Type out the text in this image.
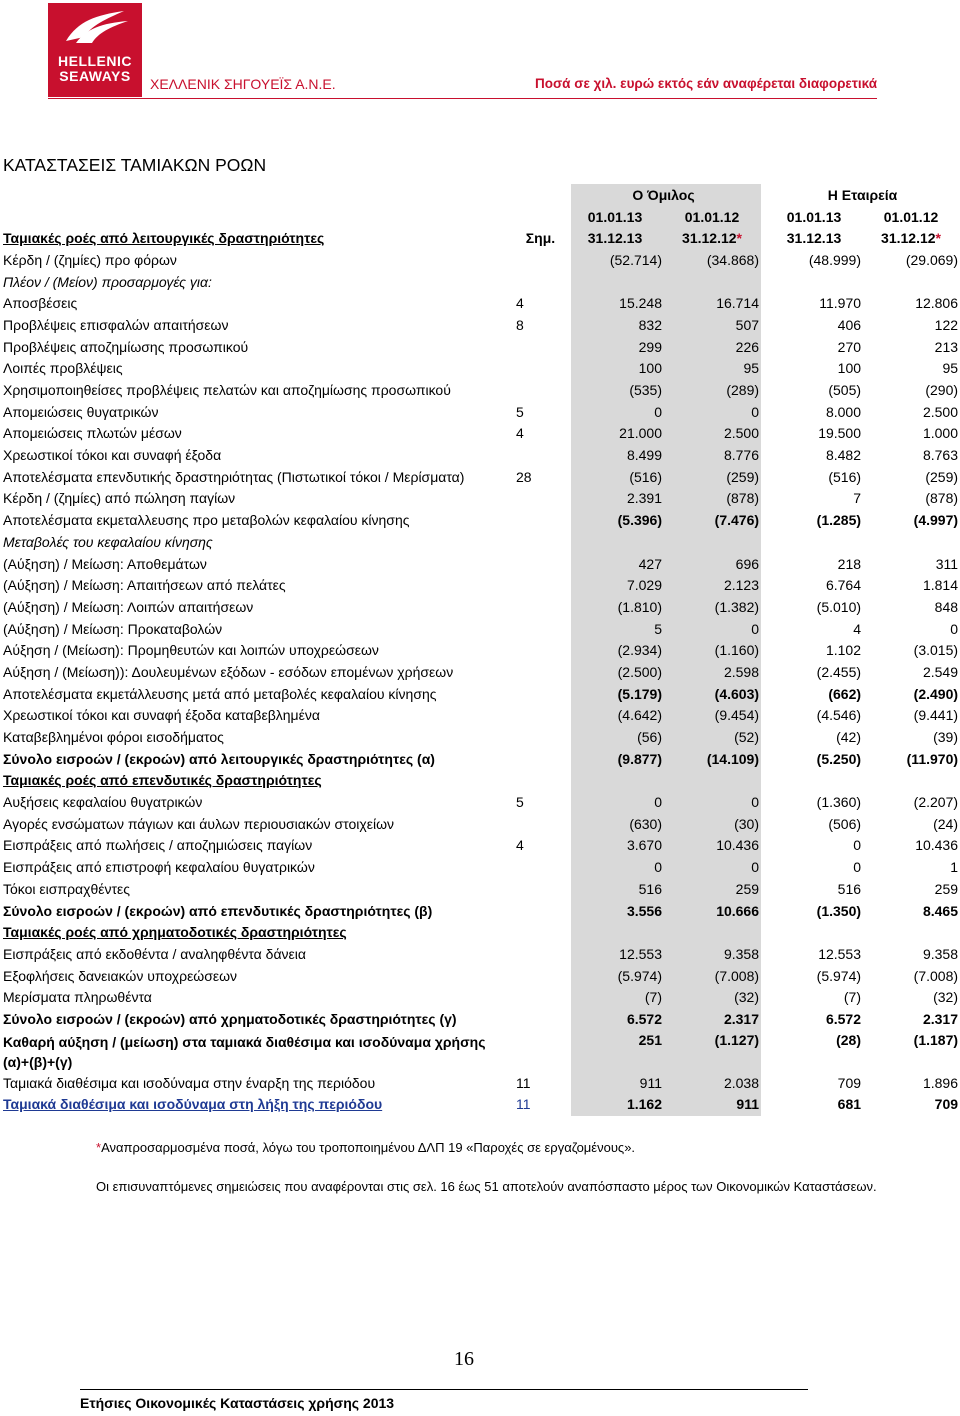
HELLENIC
SEAWAYS	ΧΕΛΛΕΝΙΚ ΣΗΓΟΥΕΪΣ Α.Ν.Ε.	Ποσά σε χιλ. ευρώ εκτός εάν αναφέρεται διαφορετικά
ΚΑΤΑΣΤΑΣΕΙΣ ΤΑΜΙΑΚΩΝ ΡΟΩΝ
		Ο Όμιλος			Η Εταιρεία	
		01.01.13	01.01.12		01.01.13	01.01.12
Ταμιακές ροές από λειτουργικές δραστηριότητες	Σημ.	31.12.13	31.12.12*		31.12.13	31.12.12*
Κέρδη / (ζημίες) προ φόρων		(52.714)	(34.868)		(48.999)	(29.069)
Πλέον / (Μείον) προσαρμογές για:						
Αποσβέσεις	4	15.248	16.714		11.970	12.806
Προβλέψεις επισφαλών απαιτήσεων	8	832	507		406	122
Προβλέψεις αποζημίωσης προσωπικού		299	226		270	213
Λοιπές προβλέψεις		100	95		100	95
Χρησιμοποιηθείσες προβλέψεις πελατών και αποζημίωσης προσωπικού		(535)	(289)		(505)	(290)
Απομειώσεις θυγατρικών	5	0	0		8.000	2.500
Απομειώσεις πλωτών μέσων	4	21.000	2.500		19.500	1.000
Χρεωστικοί τόκοι και συναφή έξοδα		8.499	8.776		8.482	8.763
Αποτελέσματα επενδυτικής δραστηριότητας (Πιστωτικοί τόκοι / Μερίσματα)	28	(516)	(259)		(516)	(259)
Κέρδη / (ζημίες) από πώληση παγίων		2.391	(878)		7	(878)
Αποτελέσματα εκμεταλλευσης προ μεταβολών κεφαλαίου κίνησης		(5.396)	(7.476)		(1.285)	(4.997)
Μεταβολές του κεφαλαίου κίνησης						
(Αύξηση) / Μείωση: Αποθεμάτων		427	696		218	311
(Αύξηση) / Μείωση: Απαιτήσεων από πελάτες		7.029	2.123		6.764	1.814
(Αύξηση) / Μείωση: Λοιπών απαιτήσεων		(1.810)	(1.382)		(5.010)	848
(Αύξηση) / Μείωση: Προκαταβολών		5	0		4	0
Αύξηση / (Μείωση): Προμηθευτών και λοιπών υποχρεώσεων		(2.934)	(1.160)		1.102	(3.015)
Αύξηση / (Μείωση)): Δουλευμένων εξόδων - εσόδων επομένων χρήσεων		(2.500)	2.598		(2.455)	2.549
Αποτελέσματα εκμετάλλευσης μετά από μεταβολές κεφαλαίου κίνησης		(5.179)	(4.603)		(662)	(2.490)
Χρεωστικοί τόκοι και συναφή έξοδα καταβεβλημένα		(4.642)	(9.454)		(4.546)	(9.441)
Καταβεβλημένοι φόροι εισοδήματος		(56)	(52)		(42)	(39)
Σύνολο εισροών / (εκροών) από λειτουργικές δραστηριότητες (α)		(9.877)	(14.109)		(5.250)	(11.970)
Ταμιακές ροές από επενδυτικές δραστηριότητες						
Αυξήσεις κεφαλαίου θυγατρικών	5	0	0		(1.360)	(2.207)
Αγορές ενσώματων πάγιων και άυλων περιουσιακών στοιχείων		(630)	(30)		(506)	(24)
Εισπράξεις από πωλήσεις / αποζημιώσεις παγίων	4	3.670	10.436		0	10.436
Εισπράξεις από επιστροφή κεφαλαίου θυγατρικών		0	0		0	1
Τόκοι εισπραχθέντες		516	259		516	259
Σύνολο εισροών / (εκροών) από επενδυτικές δραστηριότητες (β)		3.556	10.666		(1.350)	8.465
Ταμιακές ροές από χρηματοδοτικές δραστηριότητες						
Εισπράξεις από εκδοθέντα / αναληφθέντα δάνεια		12.553	9.358		12.553	9.358
Εξοφλήσεις δανειακών υποχρεώσεων		(5.974)	(7.008)		(5.974)	(7.008)
Μερίσματα πληρωθέντα		(7)	(32)		(7)	(32)
Σύνολο εισροών / (εκροών) από χρηματοδοτικές δραστηριότητες (γ)		6.572	2.317		6.572	2.317
Καθαρή αύξηση / (μείωση) στα ταμιακά διαθέσιμα και ισοδύναμα χρήσης (α)+(β)+(γ)		251	(1.127)		(28)	(1.187)
Ταμιακά διαθέσιμα και ισοδύναμα στην έναρξη της περιόδου	11	911	2.038		709	1.896
Ταμιακά διαθέσιμα και ισοδύναμα στη λήξη της περιόδου	11	1.162	911		681	709
*Αναπροσαρμοσμένα ποσά, λόγω του τροποποιημένου ΔΛΠ 19 «Παροχές σε εργαζομένους».
Οι επισυναπτόμενες σημειώσεις που αναφέρονται στις σελ. 16 έως 51 αποτελούν αναπόσπαστο μέρος των Οικονομικών Καταστάσεων.
16
Ετήσιες Οικονομικές Καταστάσεις χρήσης 2013
